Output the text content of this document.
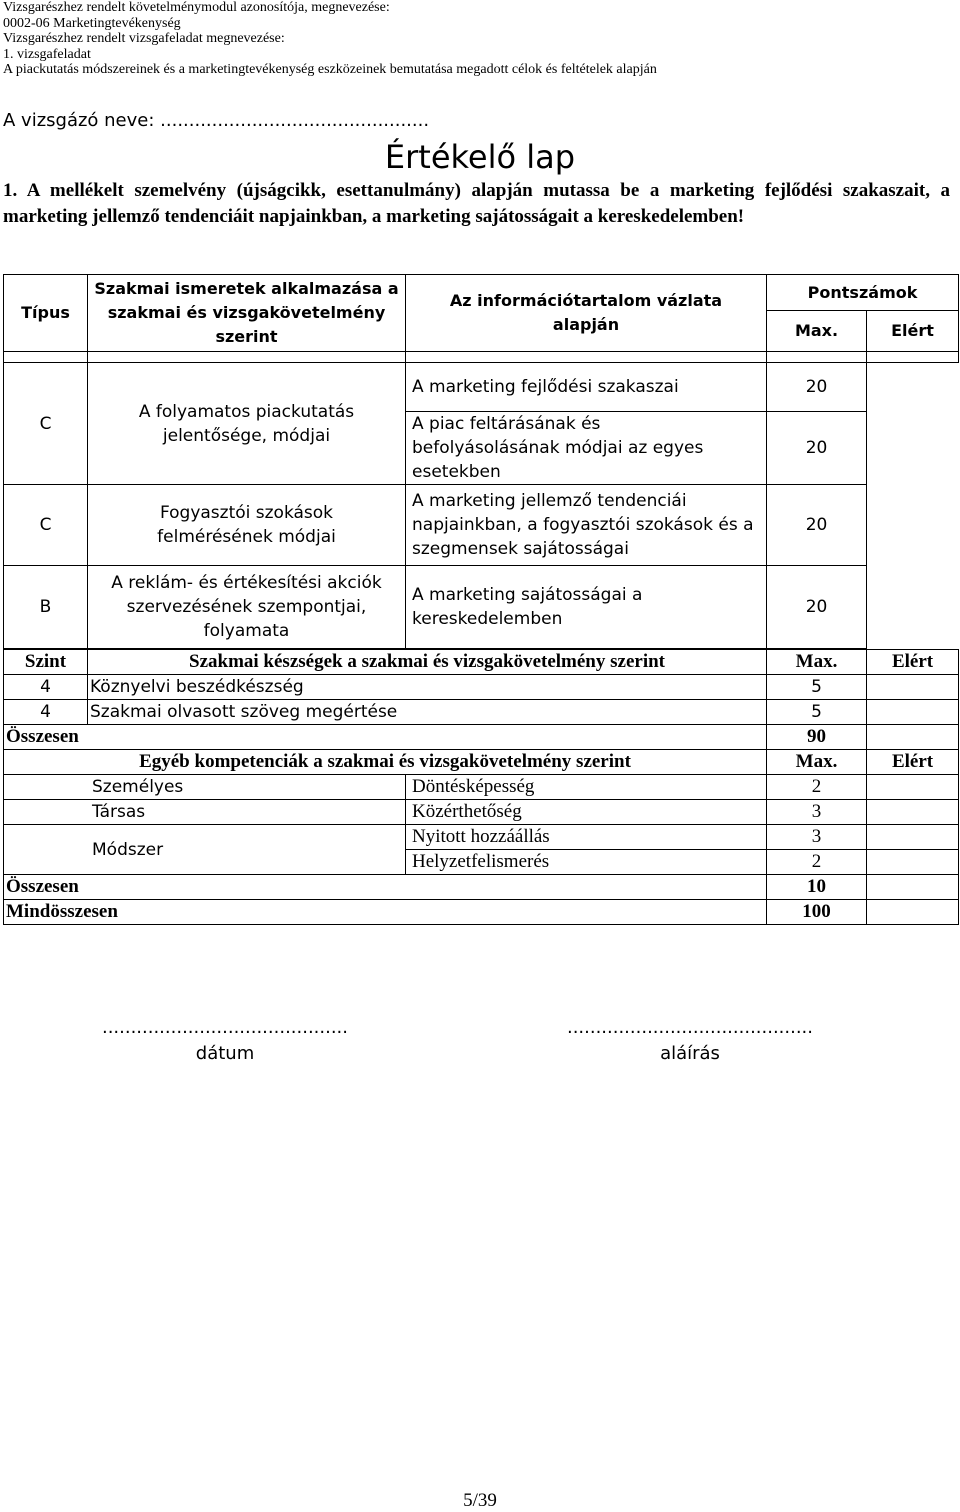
Vizsgarészhez rendelt követelménymodul azonosítója, megnevezése:
0002-06 Marketingtevékenység
Vizsgarészhez rendelt vizsgafeladat megnevezése:
1. vizsgafeladat
A piackutatás módszereinek és a marketingtevékenység eszközeinek bemutatása megadott célok és feltételek alapján
A vizsgázó neve: ...............................................
Értékelő lap
1. A mellékelt szemelvény (újságcikk, esettanulmány) alapján mutassa be a marketing fejlődési szakaszait, a marketing jellemző tendenciáit napjainkban, a marketing sajátosságait a kereskedelemben!
Típus	Szakmai ismeretek alkalmazása a szakmai és vizsgakövetelmény szerint	Az információtartalom vázlata alapján	Pontszámok	
			Max.	Elért

C	A folyamatos piackutatás jelentősége, módjai	A marketing fejlődési szakaszai	20	
		A piac feltárásának és befolyásolásának módjai az egyes esetekben	20	
C	Fogyasztói szokások felmérésének módjai	A marketing jellemző tendenciái napjainkban, a fogyasztói szokások és a szegmensek sajátosságai	20	
B	A reklám- és értékesítési akciók szervezésének szempontjai, folyamata	A marketing sajátosságai a kereskedelemben	20	

Szint	Szakmai készségek a szakmai és vizsgakövetelmény szerint		Max.	Elért
4	Köznyelvi beszédkészség		5	
4	Szakmai olvasott szöveg megértése		5	
Összesen			90	
Egyéb kompetenciák a szakmai és vizsgakövetelmény szerint			Max.	Elért
Személyes		Döntésképesség	2	
Társas		Közérthetőség	3	
Módszer		Nyitott hozzáállás	3	
		Helyzetfelismerés	2	
Összesen			10	
Mindösszesen			100	
...........................................
dátum
...........................................
aláírás
5/39
